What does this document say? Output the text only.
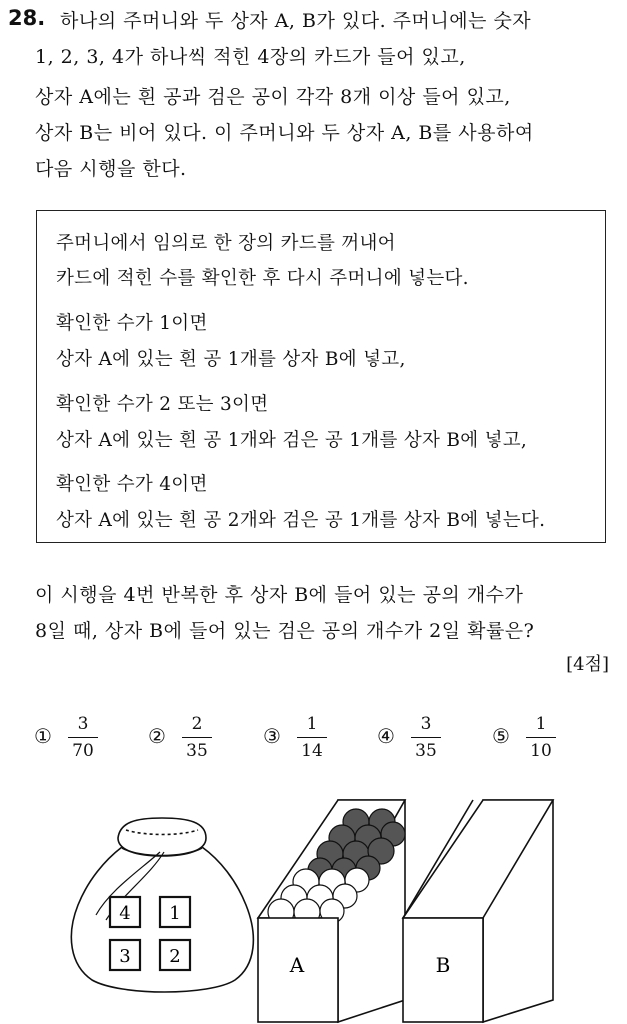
28. 하나의 주머니와 두 상자 A, B가 있다. 주머니에는 숫자
1, 2, 3, 4가 하나씩 적힌 4장의 카드가 들어 있고,
상자 A에는 흰 공과 검은 공이 각각 8개 이상 들어 있고,
상자 B는 비어 있다. 이 주머니와 두 상자 A, B를 사용하여
다음 시행을 한다.
주머니에서 임의로 한 장의 카드를 꺼내어
카드에 적힌 수를 확인한 후 다시 주머니에 넣는다.
확인한 수가 1이면
상자 A에 있는 흰 공 1개를 상자 B에 넣고,
확인한 수가 2 또는 3이면
상자 A에 있는 흰 공 1개와 검은 공 1개를 상자 B에 넣고,
확인한 수가 4이면
상자 A에 있는 흰 공 2개와 검은 공 1개를 상자 B에 넣는다.
이 시행을 4번 반복한 후 상자 B에 들어 있는 공의 개수가
8일 때, 상자 B에 들어 있는 검은 공의 개수가 2일 확률은?
[4점]
①	3
70
②	2
35
③	1
14
④	3
35
⑤	1
10
4 1
3 2	A	B
